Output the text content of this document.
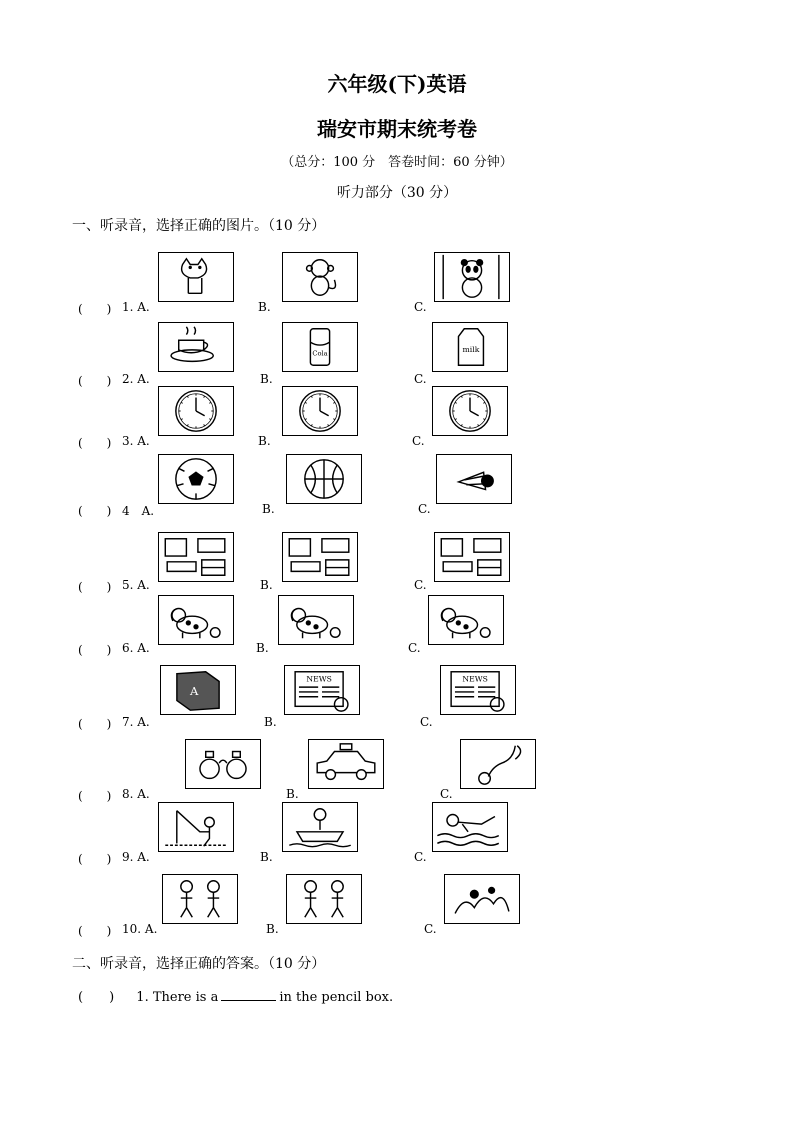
六年级(下)英语
瑞安市期末统考卷
（总分：100 分　答卷时间：60 分钟）
听力部分（30 分）
一、听录音，选择正确的图片。（10 分）
(　　) 1. A.	B.	C.
(　　) 2. A.	B.	C.
Cola	milk
(　　) 3. A.	B.	C.
(　　) 4　A.	B.	C.
(　　) 5. A.	B.	C.
(　　) 6. A.	B.	C.
(　　) 7. A.	B.	C.
A
NEWS	NEWS
(　　) 8. A.	B.	C.
(　　) 9. A.	B.	C.
(　　) 10. A.	B.	C.
二、听录音，选择正确的答案。（10 分）
(　　) 1. There is a	in the pencil box.
